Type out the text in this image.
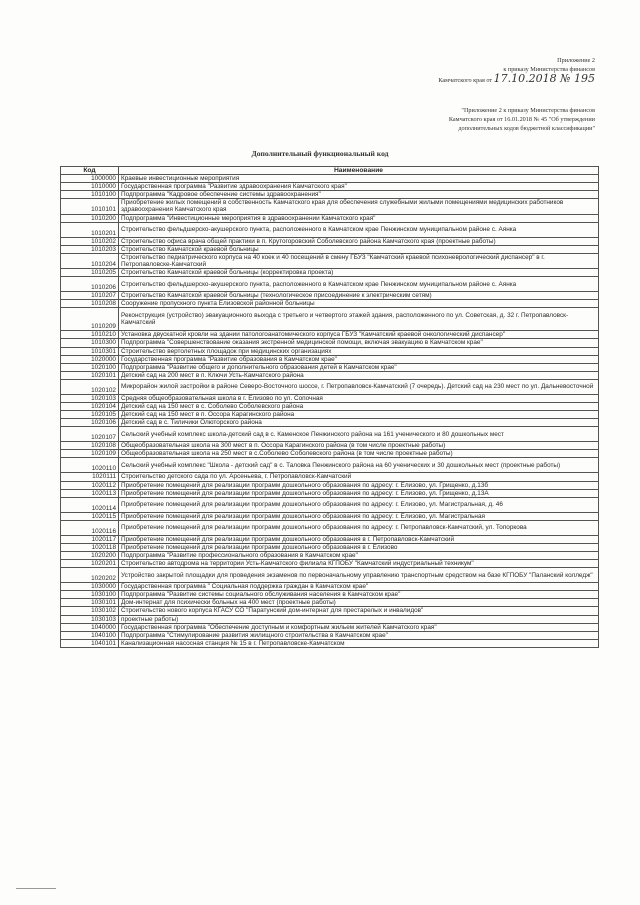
Приложение 2
к приказу Министерства финансов
Камчатского края от 17.10.2018 № 195
"Приложение 2 к приказу Министерства финансов
Камчатского края от 16.01.2018 № 45 "Об утверждении
дополнительных кодов бюджетной классификации"
Дополнительный функциональный код
Код	Наименование
1000000	Краевые инвестиционные мероприятия
1010000	Государственная программа "Развитие здравоохранения Камчатского края"
1010100	Подпрограмма "Кадровое обеспечение системы здравоохранения"
1010101	Приобретение жилых помещений в собственность Камчатского края для обеспечения служебными жилыми помещениями медицинских работников здравоохранения Камчатского края
1010200	Подпрограмма "Инвестиционные мероприятия в здравоохранении Камчатского края"
1010201	Строительство фельдшерско-акушерского пункта, расположенного в Камчатском крае Пенжинском муниципальном районе с. Аянка
1010202	Строительство офиса врача общей практики в п. Крутогоровский Соболевского района Камчатского края (проектные работы)
1010203	Строительство Камчатской краевой больницы
1010204	Строительство педиатрического корпуса на 40 коек и 40 посещений в смену ГБУЗ "Камчатский краевой психоневрологический диспансер" в г. Петропавловске-Камчатский
1010205	Строительство Камчатской краевой больницы (корректировка проекта)
1010206	Строительство фельдшерско-акушерского пункта, расположенного в Камчатском крае Пенжинском муниципальном районе с. Аянка
1010207	Строительство Камчатской краевой больницы (технологическое присоединение к электрическим сетям)
1010208	Сооружение пропускного пункта Елизовской районной больницы
1010209	Реконструкция (устройство) эвакуационного выхода с третьего и четвертого этажей здания, расположенного по ул. Советская, д. 32 г. Петропавловск-Камчатский
1010210	Установка двускатной кровли на здании патологоанатомического корпуса ГБУЗ "Камчатский краевой онкологический диспансер"
1010300	Подпрограмма "Совершенствование оказания экстренной медицинской помощи, включая эвакуацию в Камчатском крае"
1010301	Строительство вертолетных площадок при медицинских организациях
1020000	Государственная программа "Развитие образования в Камчатском крае"
1020100	Подпрограмма "Развитие общего и дополнительного образования детей в Камчатском крае"
1020101	Детский сад на 200 мест в п. Ключи Усть-Камчатского района
1020102	Микрорайон жилой застройки в районе Северо-Восточного шоссе, г. Петропавловск-Камчатский (7 очередь). Детский сад на 230 мест по ул. Дальневосточной
1020103	Средняя общеобразовательная школа в г. Елизово по ул. Сопочная
1020104	Детский сад на 150 мест в с. Соболево Соболевского района
1020105	Детский сад на 150 мест в п. Оссора Карагинского района
1020106	Детский сад в с. Тиличики Олюторского района
1020107	Сельский учебный комплекс школа-детский сад в с. Каменское Пенжинского района на 161 ученического и 80 дошкольных мест
1020108	Общеобразовательная школа на 300 мест в п. Оссора Карагинского района (в том числе проектные работы)
1020109	Общеобразовательная школа на 250 мест в с.Соболево Соболевского района (в том числе проектные работы)
1020110	Сельский учебный комплекс "Школа - детский сад" в с. Таловка Пенжинского района на 60 ученических и 30 дошкольных мест (проектные работы)
1020111	Строительство детского сада по ул. Арсеньева, г. Петропавловск-Камчатский
1020112	Приобретение помещений для реализации программ дошкольного образования по адресу: г. Елизово, ул. Грищенко, д.13б
1020113	Приобретение помещений для реализации программ дошкольного образования по адресу: г. Елизово, ул. Грищенко, д.13А
1020114	Приобретение помещений для реализации программ дошкольного образования по адресу: г. Елизово, ул. Магистральная, д. 46
1020115	Приобретение помещений для реализации программ дошкольного образования по адресу: г. Елизово, ул. Магистральная
1020116	Приобретение помещений для реализации программ дошкольного образования по адресу: г. Петропавловск-Камчатский, ул. Топоркова
1020117	Приобретение помещений для реализации программ дошкольного образования в г. Петропавловск-Камчатский
1020118	Приобретение помещений для реализации программ дошкольного образования в г. Елизово
1020200	Подпрограмма "Развитие профессионального образования в Камчатском крае"
1020201	Строительство автодрома на территории Усть-Камчатского филиала КГПОБУ "Камчатский индустриальный техникум"
1020202	Устройство закрытой площадки для проведения экзаменов по первоначальному управлению транспортным средством на базе КГПОБУ "Паланский колледж"
1030000	Государственная программа " Социальная поддержка граждан в Камчатском крае"
1030100	Подпрограмма "Развитие системы социального обслуживания населения в Камчатском крае"
1030101	Дом-интернат для психически больных на 400 мест (проектные работы)
1030102	Строительство нового корпуса КГАСУ СО "Паратунский дом-интернат для престарелых и инвалидов"
1030103	проектные работы)
1040000	Государственная программа "Обеспечение доступным и комфортным жильем жителей Камчатского края"
1040100	Подпрограмма "Стимулирование развития жилищного строительства в Камчатском крае"
1040101	Канализационная насосная станция № 15 в г. Петропавловске-Камчатском
